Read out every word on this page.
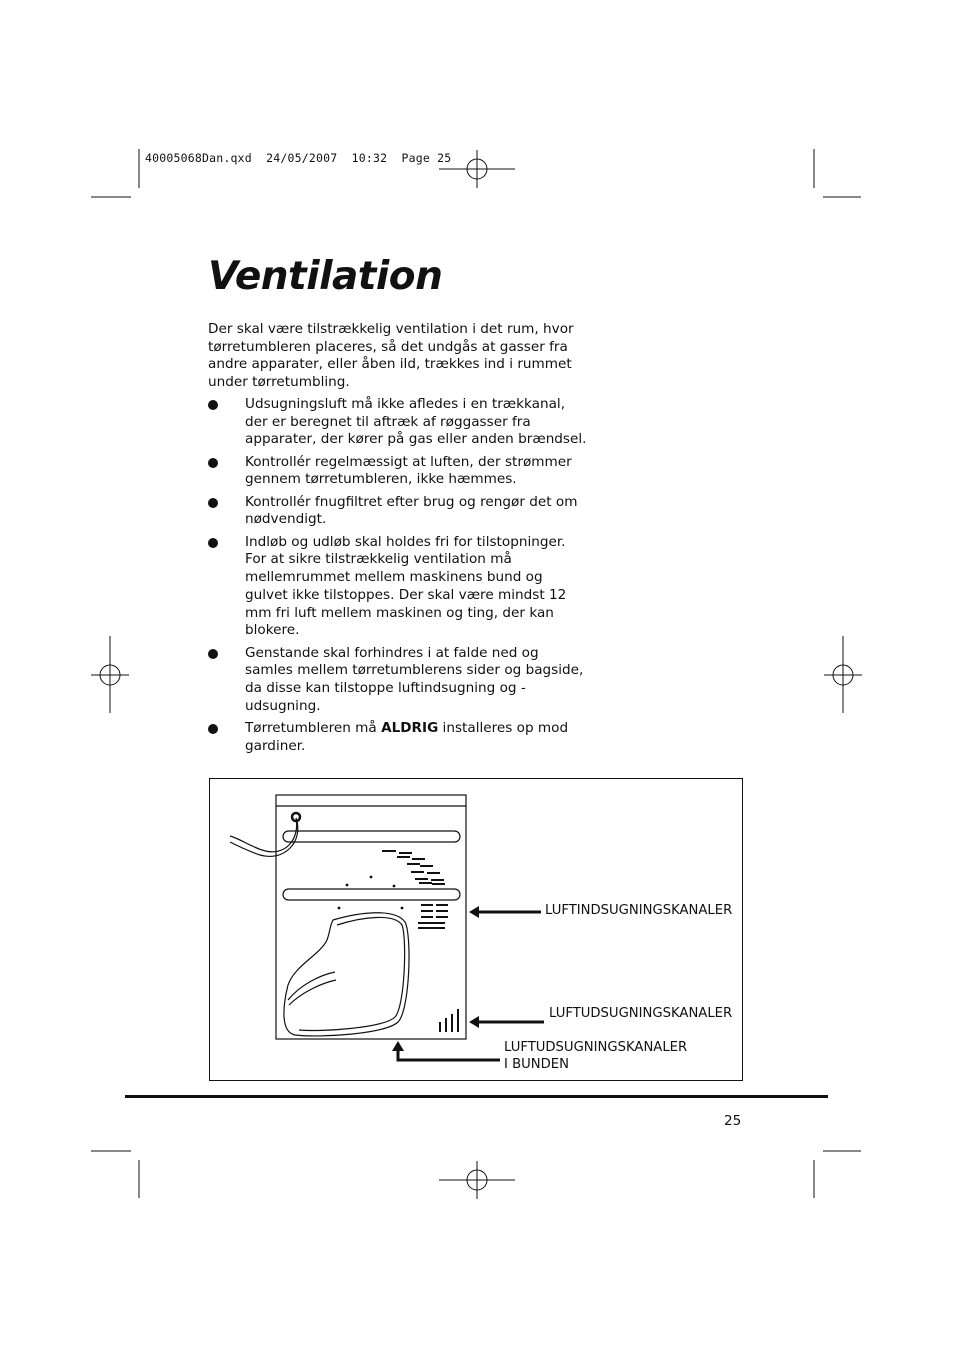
40005068Dan.qxd  24/05/2007  10:32  Page 25
Ventilation

Der skal være tilstrækkelig ventilation i det rum, hvor tørretumbleren placeres, så det undgås at gasser fra andre apparater, eller åben ild, trækkes ind i rummet under tørretumbling.

Udsugningsluft må ikke afledes i en trækkanal, der er beregnet til aftræk af røggasser fra apparater, der kører på gas eller anden brændsel.
Kontrollér regelmæssigt at luften, der strømmer gennem tørretumbleren, ikke hæmmes.
Kontrollér fnugfiltret efter brug og rengør det om nødvendigt.
Indløb og udløb skal holdes fri for tilstopninger. For at sikre tilstrækkelig ventilation må mellemrummet mellem maskinens bund og gulvet ikke tilstoppes. Der skal være mindst 12 mm fri luft mellem maskinen og ting, der kan blokere.
Genstande skal forhindres i at falde ned og samles mellem tørretumblerens sider og bagside, da disse kan tilstoppe luftindsugning og -udsugning.
Tørretumbleren må ALDRIG installeres op mod gardiner.
LUFTINDSUGNINGSKANALER
LUFTUDSUGNINGSKANALER
LUFTUDSUGNINGSKANALER
I BUNDEN
25
